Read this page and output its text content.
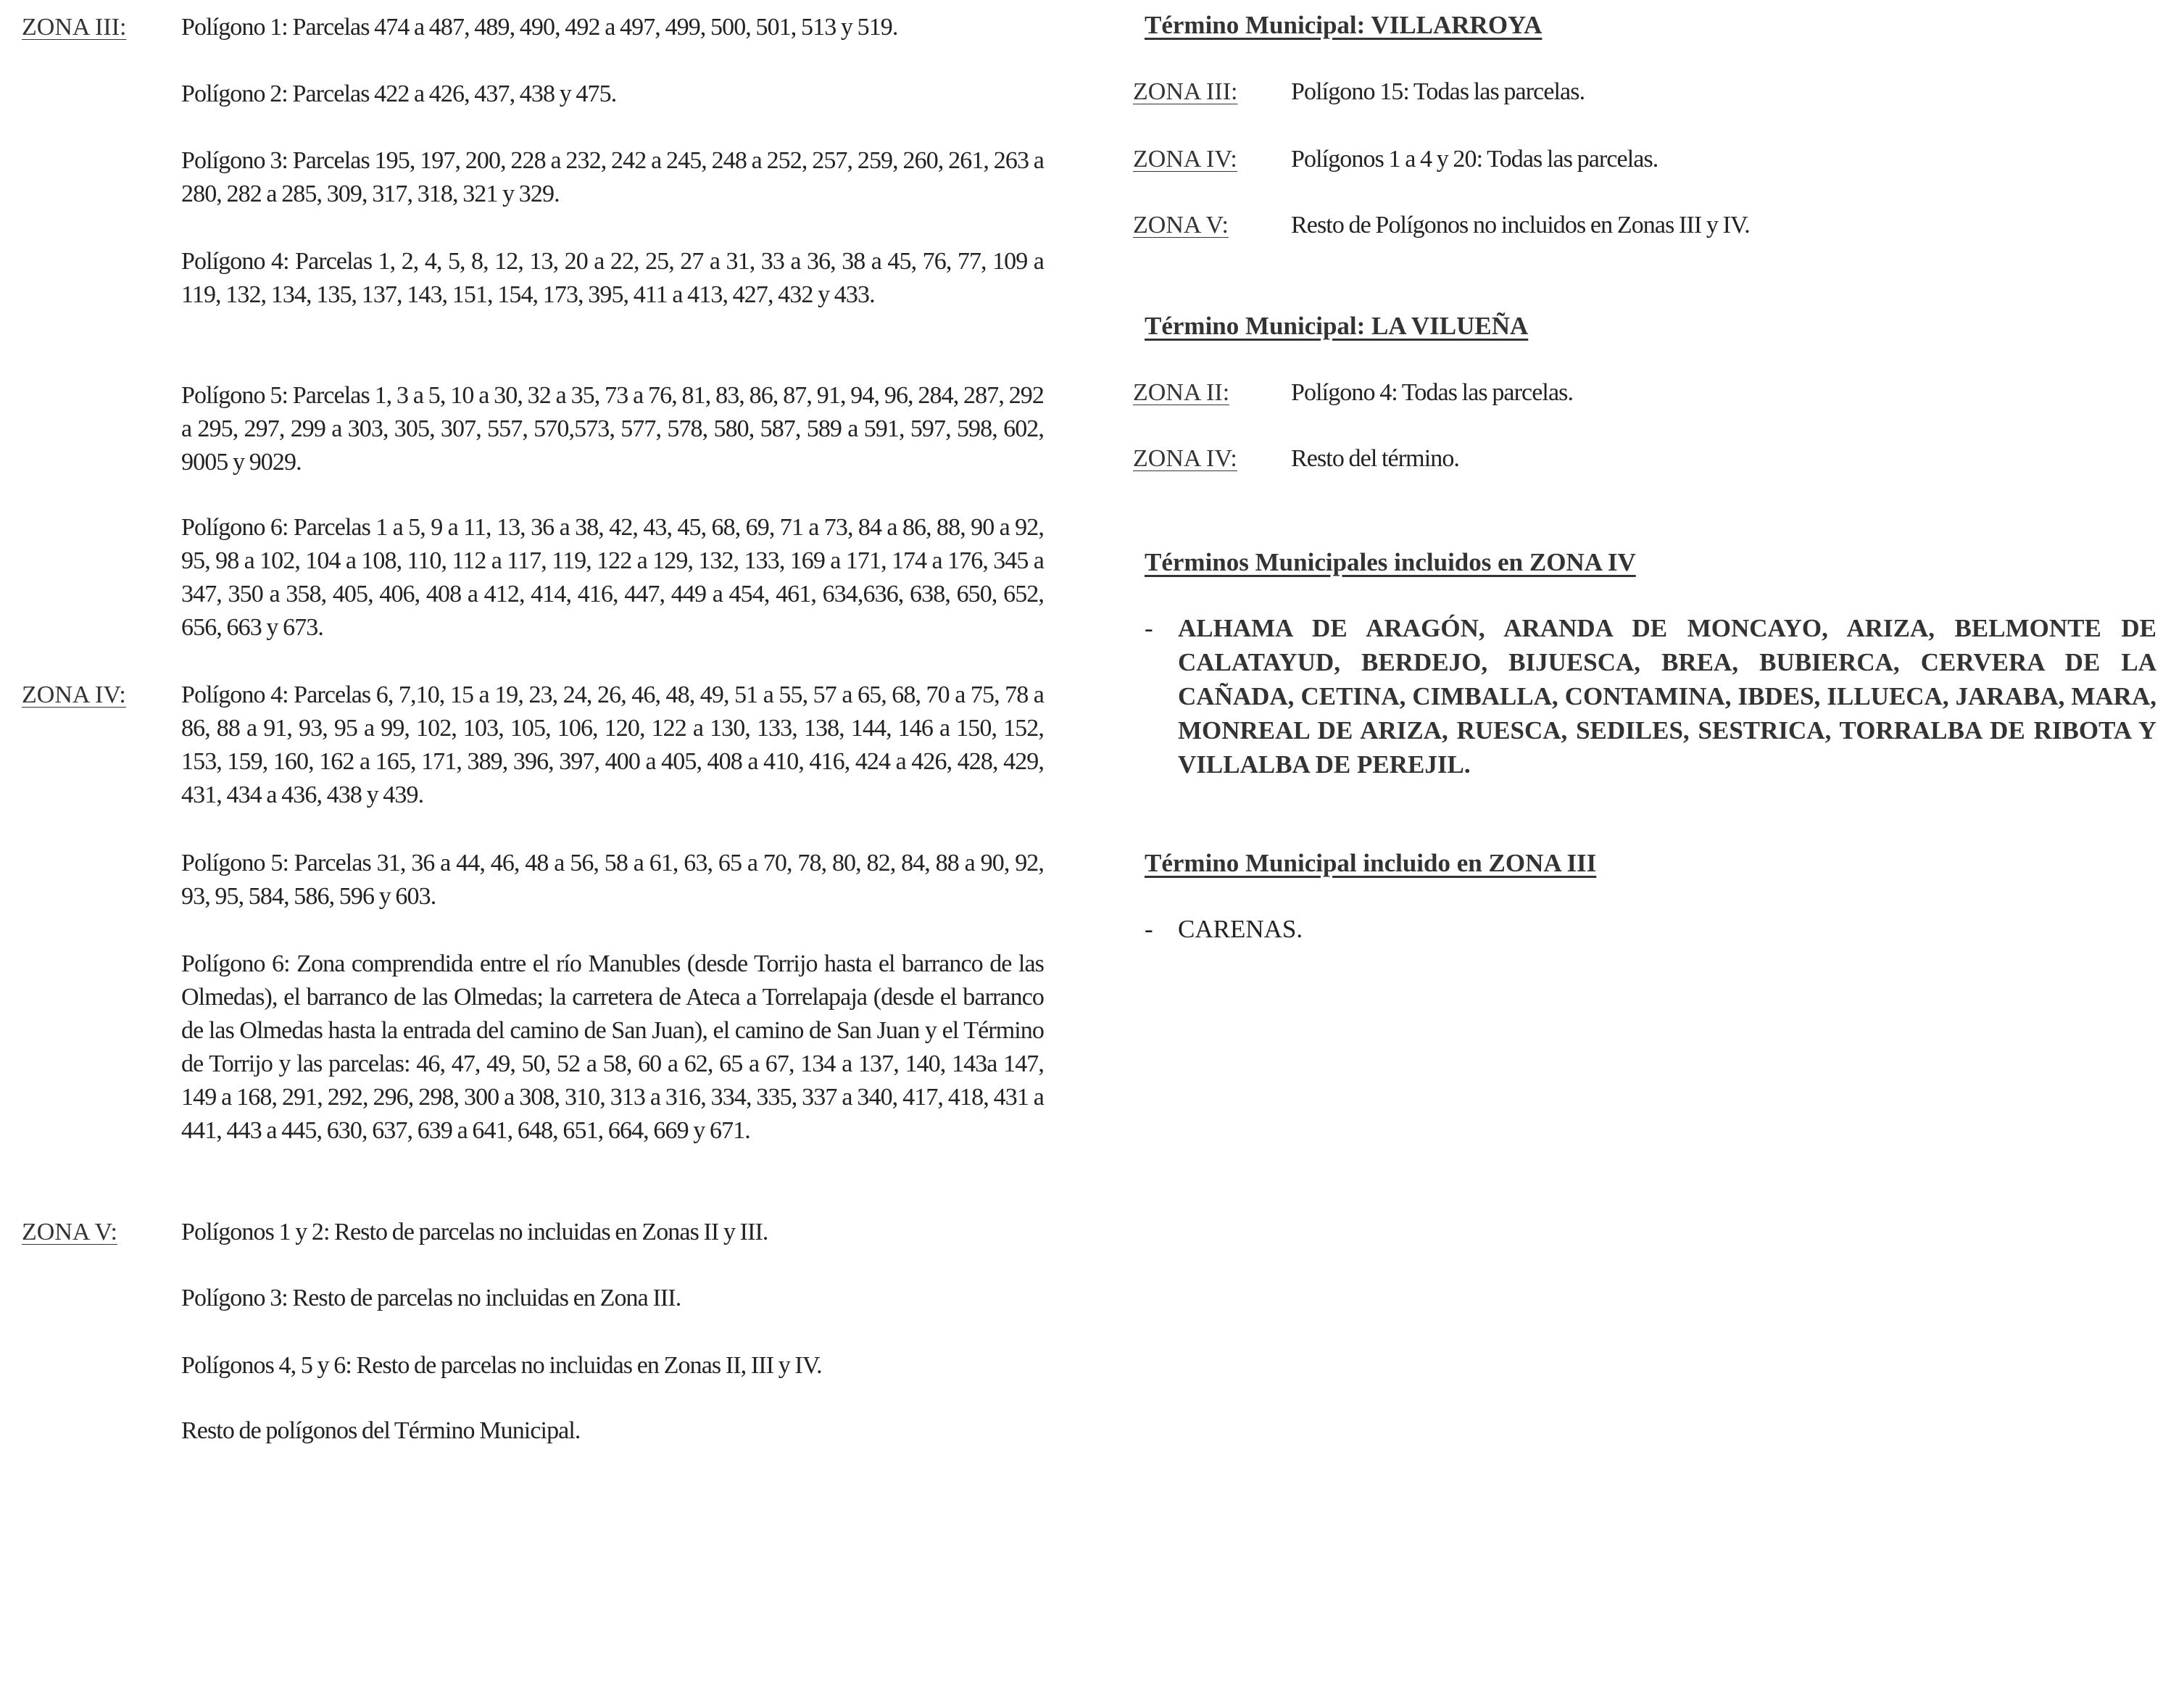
ZONA III: Polígono 1: Parcelas 474 a 487, 489, 490, 492 a 497, 499, 500, 501, 513 y 519.
Polígono 2: Parcelas 422 a 426, 437, 438 y 475.
Polígono 3: Parcelas 195, 197, 200, 228 a 232, 242 a 245, 248 a 252, 257, 259, 260, 261, 263 a 280, 282 a 285, 309, 317, 318, 321 y 329.
Polígono 4: Parcelas 1, 2, 4, 5, 8, 12, 13, 20 a 22, 25, 27 a 31, 33 a 36, 38 a 45, 76, 77, 109 a 119, 132, 134, 135, 137, 143, 151, 154, 173, 395, 411 a 413, 427, 432 y 433.
Polígono 5: Parcelas 1, 3 a 5, 10 a 30, 32 a 35, 73 a 76, 81, 83, 86, 87, 91, 94, 96, 284, 287, 292 a 295, 297, 299 a 303, 305, 307, 557, 570,573, 577, 578, 580, 587, 589 a 591, 597, 598, 602, 9005 y 9029.
Polígono 6: Parcelas 1 a 5, 9 a 11, 13, 36 a 38, 42, 43, 45, 68, 69, 71 a 73, 84 a 86, 88, 90 a 92, 95, 98 a 102, 104 a 108, 110, 112 a 117, 119, 122 a 129, 132, 133, 169 a 171, 174 a 176, 345 a 347, 350 a 358, 405, 406, 408 a 412, 414, 416, 447, 449 a 454, 461, 634,636, 638, 650, 652, 656, 663 y 673.
ZONA IV: Polígono 4: Parcelas 6, 7,10, 15 a 19, 23, 24, 26, 46, 48, 49, 51 a 55, 57 a 65, 68, 70 a 75, 78 a 86, 88 a 91, 93, 95 a 99, 102, 103, 105, 106, 120, 122 a 130, 133, 138, 144, 146 a 150, 152, 153, 159, 160, 162 a 165, 171, 389, 396, 397, 400 a 405, 408 a 410, 416, 424 a 426, 428, 429, 431, 434 a 436, 438 y 439.
Polígono 5: Parcelas 31, 36 a 44, 46, 48 a 56, 58 a 61, 63, 65 a 70, 78, 80, 82, 84, 88 a 90, 92, 93, 95, 584, 586, 596 y 603.
Polígono 6: Zona comprendida entre el río Manubles (desde Torrijo hasta el barranco de las Olmedas), el barranco de las Olmedas; la carretera de Ateca a Torrelapaja (desde el barranco de las Olmedas hasta la entrada del camino de San Juan), el camino de San Juan y el Término de Torrijo y las parcelas: 46, 47, 49, 50, 52 a 58, 60 a 62, 65 a 67, 134 a 137, 140, 143a 147, 149 a 168, 291, 292, 296, 298, 300 a 308, 310, 313 a 316, 334, 335, 337 a 340, 417, 418, 431 a 441, 443 a 445, 630, 637, 639 a 641, 648, 651, 664, 669 y 671.
ZONA V:	Polígonos 1 y 2: Resto de parcelas no incluidas en Zonas II y III.
Polígono 3: Resto de parcelas no incluidas en Zona III.
Polígonos 4, 5 y 6: Resto de parcelas no incluidas en Zonas II, III y IV.
Resto de polígonos del Término Municipal.
Término Municipal: VILLARROYA
ZONA III: Polígono 15: Todas las parcelas.
ZONA IV: Polígonos 1 a 4 y 20: Todas las parcelas.
ZONA V:	Resto de Polígonos no incluidos en Zonas III y IV.
Término Municipal: LA VILUEÑA
ZONA II: Polígono 4: Todas las parcelas.
ZONA IV: Resto del término.
Términos Municipales incluidos en ZONA IV
- ALHAMA DE ARAGÓN, ARANDA DE MONCAYO, ARIZA, BELMONTE DE CALATAYUD, BERDEJO, BIJUESCA, BREA, BUBIERCA, CERVERA DE LA CAÑADA, CETINA, CIMBALLA, CONTAMINA, IBDES, ILLUECA, JARABA, MARA, MONREAL DE ARIZA, RUESCA, SEDILES, SESTRICA, TORRALBA DE RIBOTA Y VILLALBA DE PEREJIL.
Término Municipal incluido en ZONA III
- CARENAS.
